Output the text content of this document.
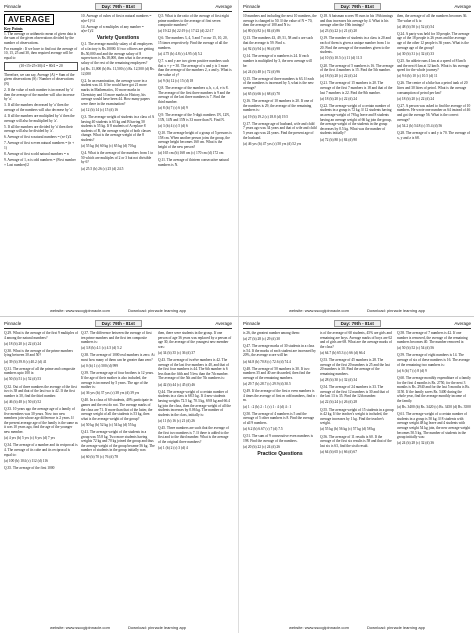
Pinnacle	Day: 79th - 81st	Average
AVERAGE
Key Points

1. The average or arithmetic mean of given data is the sum of the given observations divided by the number of observations.

For example : If we have to find out the average of 10, 15, 25 and 30, then required average will be equal to

(10+15+25+30)/4 = 80/4 = 20

Therefore, we can say, Average (A) = Sum of the given observations (S) / Number of observations (N)

2. If the value of each number is increased by 'a' then the average of the number will also increase by 'a'.

3. If all the numbers decreased by 'a' then the average of the numbers will also decrease by 'a'.

4. If all the numbers are multiplied by 'a' then the average will also be multiplied by 'a'.

5. If all the numbers are divided by 'a' then their average will also be divided by 'a'.

6. Average of first n natural numbers = (n+1)/2

7. Average of first n even natural numbers = (n + 1)

8. Average of first n odd natural numbers = n

9. Average of 1, n is odd numbers = (First number + Last number)/2

10. Average of cubes of first n natural numbers = n(n+1)²/4

14. Average of n multiples of any number = a(n+1)/2

Variety Questions

Q.1. The average monthly salary of all employees of a factory is Rs.10000. If two officers are getting Rs.50,000 and and the average salary of 8 supervisors is Rs.18,000, then what is the average salary of the rest of the remaining employees?

(a) Rs. 11,000 (b) Rs. 11,500 (c) Rs. 12,500 (d) Rs. 12,000

Q.2. In an examination, the average score in a student was 41. If he would have got 21 more marks in Mathematics, 10 more marks in Chemistry and 13 more marks in History, his average would have been 44. How many papers were there in the examination?

(a) 12 (b) 14 (c) 15 (d) 16

Q.3. The average weight of students in a class of A having 40 students is 65 kg and B having 50 students is 55 kg. If 8 students of A replace 8 students of B, the average weight of both classes change. What is the average weight of the 8 students?

(a) 55 kg (b) 60 kg (c) 65 kg (d) 70 kg

Q.4. What is the average of the numbers from 1 to 50 which are multiples of 2 or 3 but not divisible by 6?

(a) 25.5 (b) 26 (c) 25 (d) 24.5

Q.5. What is the ratio of the average of first eight prime numbers to the average of first seven composite numbers?

(a) 19:22 (b) 22:19 (c) 17:22 (d) 22:17

Q.6. The numbers 3, 4, 5 and 7 occur 15, 10, 20, 15 times respectively. Find the average of all the numbers.

(a) 4.75 (b) 4.8 (c) 4.95 (d) 5.2

Q.7. x and y are two given positive numbers such that x + y = 30. The average of x and y is 1 more than the average of the numbers 2, x and y. What is the value of y?

(a) 9 (b) 12 (c) 15 (d) 18

Q.8. The average of the numbers a, b, c, d, e is 8. The average of the first three numbers is 9 and the average of the last three numbers is 7. Find the third number.

(a) 8 (b) 7 (c) 6 (d) 9

Q.9. The average of the 5-digit numbers 1N, 12N, 13N, 14N and 15N is 33 more than N. Find N.

(a) 3 (b) 4 (c) 5 (d) 6

Q.10. The average height of a group of 5 persons is 158 cm. When another person joins the group, the average height becomes 160 cm. What is the height of the new person?

(a) 165 cm (b) 168 cm (c) 170 cm (d) 172 cm

Q.11. The average of thirteen consecutive natural numbers is N.

website: www.ssccglpinnacle.com	Download: pinnacle learning app
Pinnacle	Day: 79th - 81st	Average

10 numbers and including the next 10 numbers, the average is changed to 50. If the value of N = 70, then the average of 100 and N is:

(a) 80 (b) 82 (c) 84 (d) 86

Q.13. The numbers 43, 49, 51, 58 and x are such that the average is 59. Find x.

(a) 92 (b) 94 (c) 96 (d) 98

Q.14. The average of n numbers is 24. If each number is multiplied by 3, the new average will be:

(a) 24 (b) 48 (c) 72 (d) 96

Q.15. The average of three numbers is 63. If each of the numbers is increased by 5, what is the new average?

(a) 65 (b) 66 (c) 68 (d) 70

Q.16. The average of 10 numbers is 20. If one of the numbers is 29, the average of the remaining numbers is:

(a) 19 (b) 19.2 (c) 18.8 (d) 19.5

Q.17. The average age of husband, wife and child 7 years ago was 34 years and that of wife and child 5 years ago was 24 years. Find the present age of the husband.

(a) 46 yrs (b) 47 yrs (c) 50 yrs (d) 52 yrs

Q.18. A batsman scores 95 runs in his 19th innings and thus increases his average by 4. What is his average after the 19th innings?

(a) 23 (b) 22 (c) 21 (d) 20

Q.19. The number of students in a class is 20 and each of them is given a unique number from 1 to 20. Find the average of the numbers given to the students.

(a) 10 (b) 10.5 (c) 11 (d) 11.5

Q.20. The average of 5 numbers is 16. The average of the first 4 numbers is 15. Find the 5th number.

(a) 18 (b) 20 (c) 22 (d) 24

Q.21. The average of 15 numbers is 20. The average of the first 7 numbers is 18 and that of the last 7 numbers is 22. Find the 8th number.

(a) 18 (b) 20 (c) 22 (d) 24

Q.22. The average weight of a certain number of students in a group is 72 kg. If 12 students having an average weight of 78 kg leave and 8 students having an average weight of 66 kg join the group, the average weight of the students in the group decreases by 0.5 kg. What was the number of students initially?

(a) 72 (b) 80 (c) 84 (d) 90

then, the average of all the numbers becomes 36. The value of k is:

(a) 48 (b) 50 (c) 52 (d) 54

Q.24. A party was held for 30 people. The average age of the 18 people is 26 years and the average age of the other 12 people is 36 years. What is the average age of the group?

(a) 30 (b) 31 (c) 32 (d) 33

Q.25. An athlete runs 4 km at a speed of 8 km/h and the next 6 km at 12 km/h. What is his average speed for the whole journey?

(a) 9.6 (b) 10 (c) 10.5 (d) 11

Q.26. The centre of a bike has a petrol tank of 20 litres and 30 litres of petrol. What is the average consumption of petrol per km?

(a) 18 (b) 20 (c) 22 (d) 24

Q.27. A person was asked to find the average of 10 numbers. He wrote one number as 64 instead of 46 and got the average 56. What is the correct average?

(a) 54.2 (b) 54.8 (c) 55.4 (d) 56

Q.28. The average of x and y is 70. The average of x, y and z is 68.

website: www.ssccglpinnacle.com	Download: pinnacle learning app
Pinnacle	Day: 79th - 81st	Average

Q.29. What is the average of the first 9 multiples of 4 among the natural numbers?

(a) 18 (b) 20 (c) 22 (d) 24

Q.30. What is the average of the prime numbers lying between 30 and 50?

(a) 39 (b) 39.8 (c) 40.2 (d) 41

Q.31. The average of all the prime and composite numbers upto 100 is:

(a) 50 (b) 51 (c) 52 (d) 53

Q.32. Out of three numbers the average of the first two is 38 and that of the last two is 42. If the first number is 30, find the third number.

(a) 46 (b) 48 (c) 50 (d) 52

Q.33. 10 years ago the average age of a family of five members was 30 years. Now two new members join whose age difference is 2 years. If the present average age of the family is the same as it was 10 years ago, find the age of the younger new member.

(a) 4 yrs (b) 5 yrs (c) 6 yrs (d) 7 yrs

Q.34. The average of a number and its reciprocal is 4. The average of its cube and its reciprocal is equal to:

(a) 100 (b) 104 (c) 112 (d) 116

Q.35. The average of the first 1000

Q.37. The difference between the average of first ten prime numbers and the first ten composite numbers is:

(a) 3.8 (b) 4.1 (c) 4.5 (d) 5.2

Q.38. The average of 1000 real numbers is zero. At most how many of them can be greater than zero?

(a) 0 (b) 1 (c) 500 (d) 999

Q.39. The average age of four brothers is 12 years. If the age of their mother is also included, the average is increased by 5 years. The age of the mother is:

(a) 36 yrs (b) 37 yrs (c) 38 yrs (d) 39 yrs

Q.40. In a class of 60 students, 40% participate in games and the rest do not. The average marks of the class are 71. If more than that of the latter, the average weight of all the students is 53 kg, then what is the average weight of the group?

(a) 50 kg (b) 52 kg (c) 54 kg (d) 55 kg

Q.41. The average weight of the students in a group was 55.8 kg. Two more students having weights 72 kg and 70 kg joined the group and thus the average weight of the group became 56 kg. The number of students in the group initially was:

(a) 60 (b) 70 (c) 76 (d) 78

then, there were students in the group. If one person of age 36 years was replaced by a person of age 30, the average of the youngest new member was:

(a) 34 (b) 35 (c) 36 (d) 37

Q.43. The average of twelve numbers is 42. The average of the last five numbers is 40, and that of the first four numbers is 44. The 6th number is 6 less than the fifth and 5 less than the 7th number. The average of the 5th and the 7th numbers is:

(a) 42 (b) 44 (c) 45 (d) 46

Q.44. The average weight of a certain number of students in a class is 68.5 kg. If 4 new students having weights 72.5 kg, 70.3 kg, 69.8 kg and 66.4 kg join the class, then the average weight of all the students increases by 0.06 kg. The number of students in the class, initially is:

(a) 11 (b) 16 (c) 21 (d) 26

Q.45. Three numbers are such that the average of the first two numbers is 7. If there is added to the first and to the third number. What is the average of the original three numbers?

(a) 1 (b) 2 (c) 3 (d) 4

website: www.ssccglpinnacle.com	Download: pinnacle learning app
Pinnacle	Day: 79th - 81st	Average

is 26, the greatest number among them:

(a) 27 (b) 28 (c) 29 (d) 30

Q.47. The average marks of 30 students in a class is 54. If the marks of each student are increased by 20%, the average score will be:

(a) 64.8 (b) 70.8 (c) 72.6 (d) 74.4

Q.48. The average of 50 numbers is 30. If two numbers 35 and 40 are discarded, then find the average of the remaining numbers.

(a) 29.7 (b) 28.7 (c) 29.9 (d) 30.5

Q.49. If the average of the first n even numbers is 4 times the average of first m odd numbers, find n : m.

(a) 1 : 2 (b) 2 : 1 (c) 1 : 4 (d) 4 : 1

Q.50. The average of 4 numbers is 5 and the average of 5 other numbers is 8. Find the average of all 9 numbers.

(a) 6.2 (b) 6.67 (c) 7 (d) 7.5

Q.51. The sum of 9 consecutive even numbers is 198. Find the average of the numbers.

(a) 20 (b) 22 (c) 24 (d) 26

Practice Questions

is of the average of 60 students, 45% are girls and remaining are boys. Average marks of boys are 62 and of girls are 68. What are the average marks of the class?

(a) 64.7 (b) 65.3 (c) 66 (d) 66.4

Q.53. The average of 45 numbers is 28. The average of the first 20 numbers is 25 and the last 20 numbers is 30. Find the average of the remaining numbers.

(a) 28 (b) 30 (c) 32 (d) 34

Q.54. The average of 24 numbers is 33. The average of the first 12 numbers is 30 and that of the last 13 is 35. Find the 12th number.

(a) 22 (b) 24 (c) 26 (d) 28

Q.55. The average weight of 15 students in a group is 42 kg. If the teacher's weight is included, the average increases by 1 kg. Find the teacher's weight.

(a) 55 kg (b) 56 kg (c) 57 kg (d) 58 kg

Q.56. The average of 11 results is 60. If the average of the first six results is 58 and that of the last six is 63, find the sixth result.

(a) 64 (b) 65 (c) 66 (d) 67

Q.58. The average of 7 numbers is 42. If one number is removed, the average of the remaining numbers becomes 40. The number removed is:

(a) 50 (b) 52 (c) 54 (d) 56

Q.59. The average of eight numbers is 14. The average of six of these numbers is 16. The average of the remaining two numbers is:

(a) 6 (b) 7 (c) 8 (d) 9

Q.60. The average monthly expenditure of a family for the first 4 months is Rs. 2750, for the next 3 months is Rs. 2940 and for the last 5 months is Rs. 3150. If the family saves Rs. 5400 during the whole year, find the average monthly income of the family.

(a) Rs. 3400 (b) Rs. 3420 (c) Rs. 3450 (d) Rs. 3500

Q.61. The average weight of a certain number of students in a group is 50 kg. If 8 students with average weight 48 kg leave and 4 students with average weight 54 kg join, the new average weight becomes 50.5 kg. The number of students in the group initially was:

(a) 24 (b) 28 (c) 32 (d) 36

website: www.ssccglpinnacle.com	Download: pinnacle learning app
